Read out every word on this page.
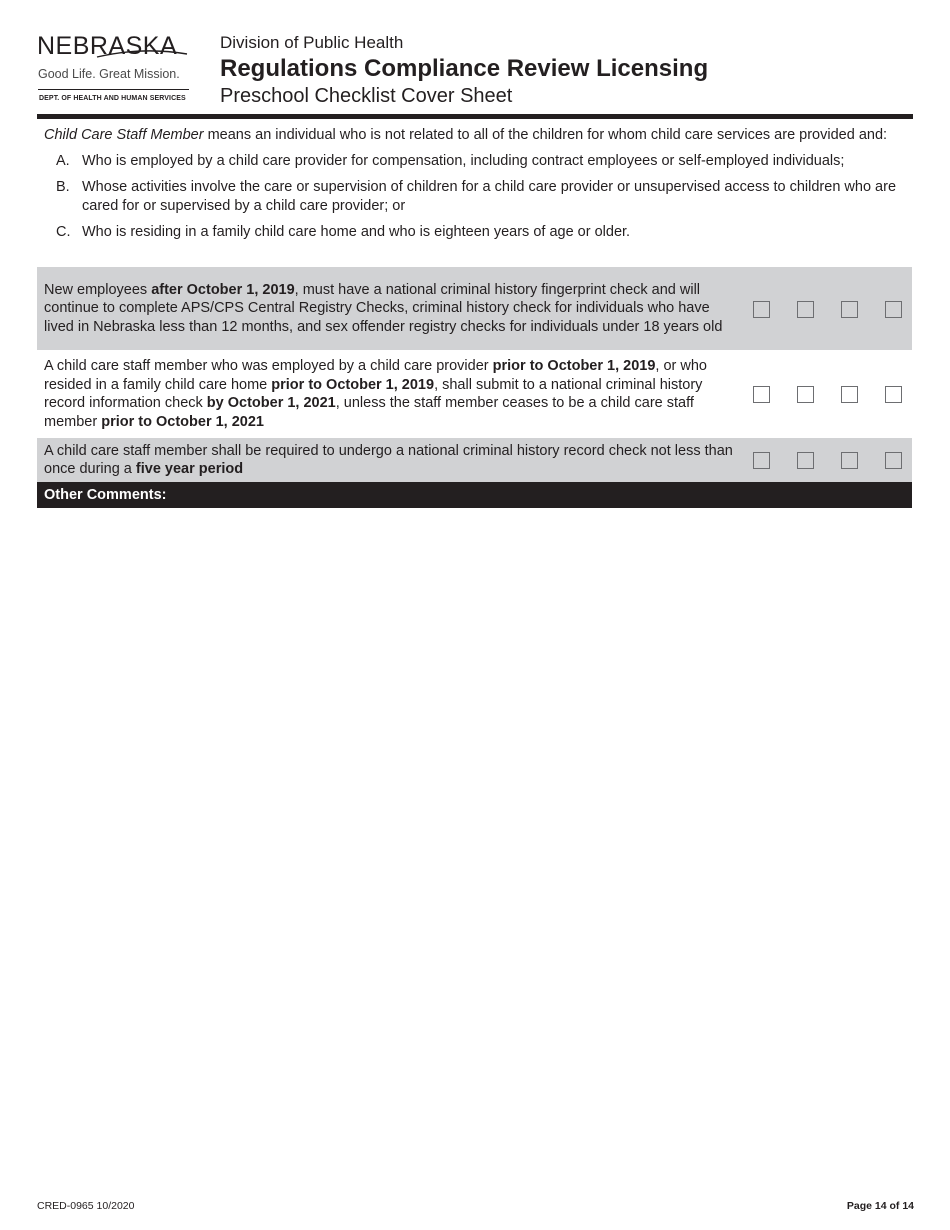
NEBRASKA
Good Life. Great Mission.
DEPT. OF HEALTH AND HUMAN SERVICES
Division of Public Health
Regulations Compliance Review Licensing
Preschool Checklist Cover Sheet

Child Care Staff Member means an individual who is not related to all of the children for whom child care services are provided and:

A. Who is employed by a child care provider for compensation, including contract employees or self-employed individuals;
B. Whose activities involve the care or supervision of children for a child care provider or unsupervised access to children who are cared for or supervised by a child care provider; or
C. Who is residing in a family child care home and who is eighteen years of age or older.
New employees after October 1, 2019, must have a national criminal history fingerprint check and will continue to complete APS/CPS Central Registry Checks, criminal history check for individuals who have lived in Nebraska less than 12 months, and sex offender registry checks for individuals under 18 years old
A child care staff member who was employed by a child care provider prior to October 1, 2019, or who resided in a family child care home prior to October 1, 2019, shall submit to a national criminal history record information check by October 1, 2021, unless the staff member ceases to be a child care staff member prior to October 1, 2021
A child care staff member shall be required to undergo a national criminal history record check not less than once during a five year period
Other Comments:
CRED-0965 10/2020	Page 14 of 14
